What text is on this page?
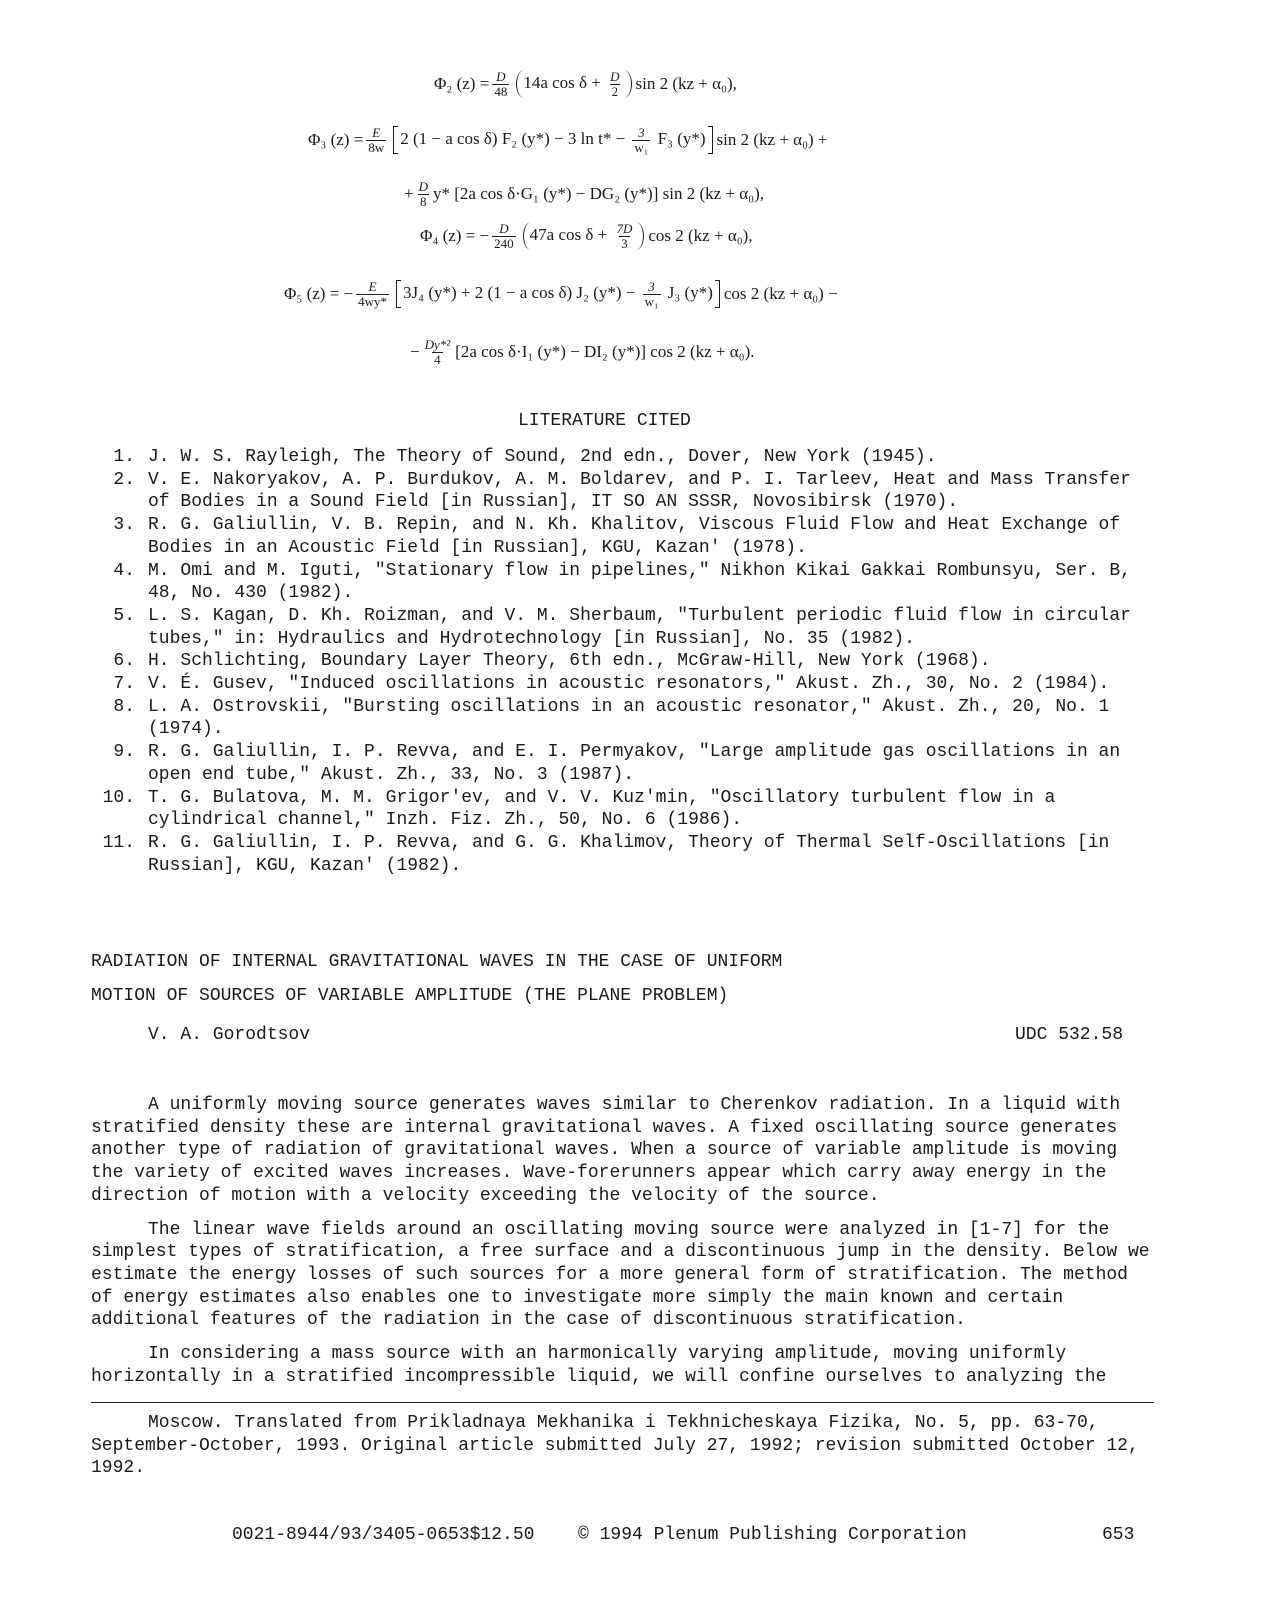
Φ₂ $(z) = \frac{D}{48} 14a$ $\cos \delta + \frac{D}{2}$ sin 2 (kz + α₀),
Φ₃ $(z) = \frac{E}{8w} 2$ (1 − a cos δ) F₂ (y*) − 3 $\ln t* - \frac{3}{\text{w₁}} F_3$ (y*) sin 2 (kz + α₀) +
+ $\frac{D}{8} y*$ [2a cos δ·G₁ (y*) − DG₂ (y*)] sin 2 (kz + α₀),
Φ₄ (z) = − $\frac{D}{240} 47a$ $\cos \delta + \frac{7D}{3}$ cos 2 (kz + α₀),
Φ₅ (z) = − $\frac{E}{4wy*} 3J_4$ (y*) + 2 (1 − a cos δ) J₂ $(y*) - \frac{3}{\text{w₁}} J_3$ (y*) cos 2 (kz + α₀) −
− $\frac{\text{Dy*²}}{4} [2a$ cos δ·I₁ (y*) − DI₂ (y*)] cos 2 (kz + α₀).
LITERATURE CITED
1. J. W. S. Rayleigh, The Theory of Sound, 2nd edn., Dover, New York (1945).
2. V. E. Nakoryakov, A. P. Burdukov, A. M. Boldarev, and P. I. Tarleev, Heat and Mass Transfer of Bodies in a Sound Field [in Russian], IT SO AN SSSR, Novosibirsk (1970).
3. R. G. Galiullin, V. B. Repin, and N. Kh. Khalitov, Viscous Fluid Flow and Heat Exchange of Bodies in an Acoustic Field [in Russian], KGU, Kazan' (1978).
4. M. Omi and M. Iguti, "Stationary flow in pipelines," Nikhon Kikai Gakkai Rombunsyu, Ser. B, 48, No. 430 (1982).
5. L. S. Kagan, D. Kh. Roizman, and V. M. Sherbaum, "Turbulent periodic fluid flow in circular tubes," in: Hydraulics and Hydrotechnology [in Russian], No. 35 (1982).
6. H. Schlichting, Boundary Layer Theory, 6th edn., McGraw-Hill, New York (1968).
7. V. É. Gusev, "Induced oscillations in acoustic resonators," Akust. Zh., 30, No. 2 (1984).
8. L. A. Ostrovskii, "Bursting oscillations in an acoustic resonator," Akust. Zh., 20, No. 1 (1974).
9. R. G. Galiullin, I. P. Revva, and E. I. Permyakov, "Large amplitude gas oscillations in an open end tube," Akust. Zh., 33, No. 3 (1987).
10. T. G. Bulatova, M. M. Grigor'ev, and V. V. Kuz'min, "Oscillatory turbulent flow in a cylindrical channel," Inzh. Fiz. Zh., 50, No. 6 (1986).
11. R. G. Galiullin, I. P. Revva, and G. G. Khalimov, Theory of Thermal Self-Oscillations [in Russian], KGU, Kazan' (1982).
RADIATION OF INTERNAL GRAVITATIONAL WAVES IN THE CASE OF UNIFORM
MOTION OF SOURCES OF VARIABLE AMPLITUDE (THE PLANE PROBLEM)
V. A. Gorodtsov	UDC 532.58

A uniformly moving source generates waves similar to Cherenkov radiation. In a liquid with stratified density these are internal gravitational waves. A fixed oscillating source generates another type of radiation of gravitational waves. When a source of variable amplitude is moving the variety of excited waves increases. Wave-forerunners appear which carry away energy in the direction of motion with a velocity exceeding the velocity of the source.

The linear wave fields around an oscillating moving source were analyzed in [1-7] for the simplest types of stratification, a free surface and a discontinuous jump in the density. Below we estimate the energy losses of such sources for a more general form of stratification. The method of energy estimates also enables one to investigate more simply the main known and certain additional features of the radiation in the case of discontinuous stratification.

In considering a mass source with an harmonically varying amplitude, moving uniformly horizontally in a stratified incompressible liquid, we will confine ourselves to analyzing the

Moscow. Translated from Prikladnaya Mekhanika i Tekhnicheskaya Fizika, No. 5, pp. 63-70, September-October, 1993. Original article submitted July 27, 1992; revision submitted October 12, 1992.
0021-8944/93/3405-0653$12.50 © 1994 Plenum Publishing Corporation	653
